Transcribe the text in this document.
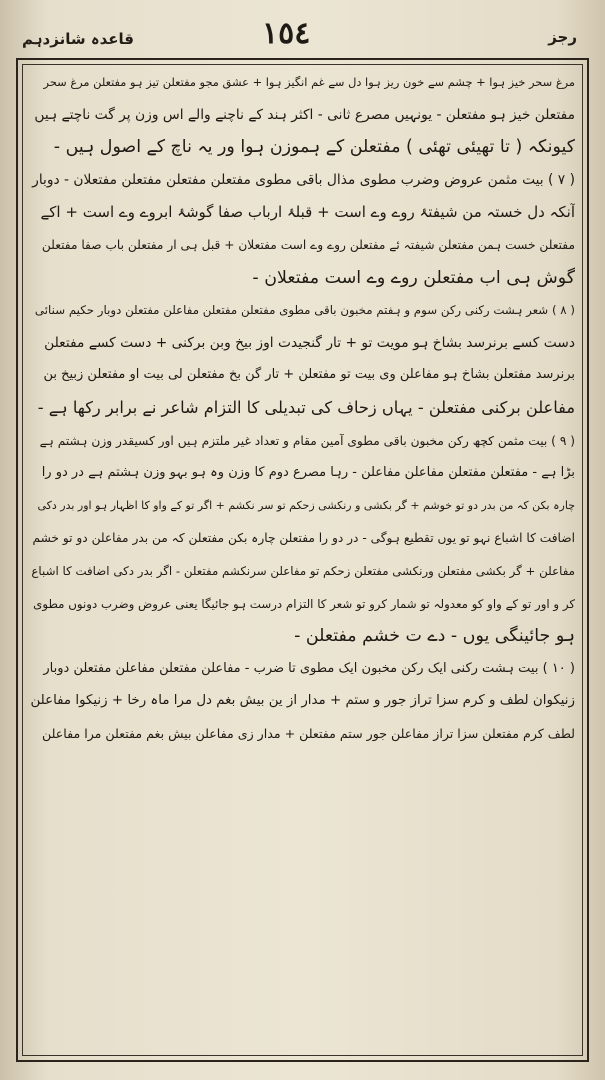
رجز
١٥٤
قاعدہ شانزدہم
مرغ سحر خیز ہوا + چشم سے خون ریز ہوا دل سے غم انگیز ہوا + عشق مجو مفتعلن تیز ہو مفتعلن مرغ سحر
مفتعلن خیز ہو مفتعلن - یونہیں مصرع ثانی - اکثر ہند کے ناچنے والے اس وزن پر گت ناچتے ہیں
کیونکہ ( تا تھیئی تھئی ) مفتعلن کے ہموزن ہوا ور یہ ناچ کے اصول ہیں -
( ۷ ) بیت مثمن عروض وضرب مطوی مذال باقی مطوی مفتعلن مفتعلن مفتعلن مفتعلان - دوبار
آنکہ دل خستہ من شیفتۂ روے وے است + قبلۂ ارباب صفا گوشۂ ابروے وے است + اکے
مفتعلن خست ہمن مفتعلن شیفتہ ئے مفتعلن روے وے است مفتعلان + قبل ہی ار مفتعلن باب صفا مفتعلن
گوش ہی اب مفتعلن روے وے است مفتعلان -
( ۸ ) شعر ہشت رکنی رکن سوم و ہفتم مخبون باقی مطوی مفتعلن مفتعلن مفاعلن مفتعلن دوبار حکیم سنائی
دست کسے برنرسد بشاخ ہو مویت تو + تار گنجیدت اوز بیخ وبن برکنی + دست کسے مفتعلن
برنرسد مفتعلن بشاخ ہو مفاعلن وی بیت تو مفتعلن + تار گن بخ مفتعلن لی بیت او مفتعلن زبیخ بن
مفاعلن برکنی مفتعلن - یہاں زحاف کی تبدیلی کا التزام شاعر نے برابر رکھا ہے -
( ۹ ) بیت مثمن کچھ رکن مخبون باقی مطوی آمین مقام و تعداد غیر ملتزم ہیں اور کسیقدر وزن ہشتم ہے
بڑا ہے - مفتعلن مفتعلن مفاعلن مفاعلن - رہا مصرع دوم کا وزن وہ ہو بہو وزن ہشتم ہے در دو را
چارہ بکن کہ من بدر دو تو خوشم + گر بکشی و رنکشی زحکم تو سر نکشم + اگر تو کے واو کا اظہار ہو اور بدر دکی
اضافت کا اشباع نہو تو یوں تقطیع ہوگی - در دو را مفتعلن چارہ بکن مفتعلن کہ من بدر مفاعلن دو تو خشم
مفاعلن + گر بکشی مفتعلن ورنکشی مفتعلن زحکم تو مفاعلن سرنکشم مفتعلن - اگر بدر دکی اضافت کا اشباع
کر و اور تو کے واو کو معدولہ تو شمار کرو تو شعر کا التزام درست ہو جائیگا یعنی عروض وضرب دونوں مطوی
ہو جائینگی یوں - دے ت خشم مفتعلن -
( ۱۰ ) بیت ہشت رکنی ایک رکن مخبون ایک مطوی تا ضرب - مفاعلن مفتعلن مفاعلن مفتعلن دوبار
زنیکوان لطف و کرم سزا تراز جور و ستم + مدار از ین بیش بغم دل مرا ماہ رخا + زنیکوا مفاعلن
لطف کرم مفتعلن سزا تراز مفاعلن جور ستم مفتعلن + مدار زی مفاعلن بیش بغم مفتعلن مرا مفاعلن
